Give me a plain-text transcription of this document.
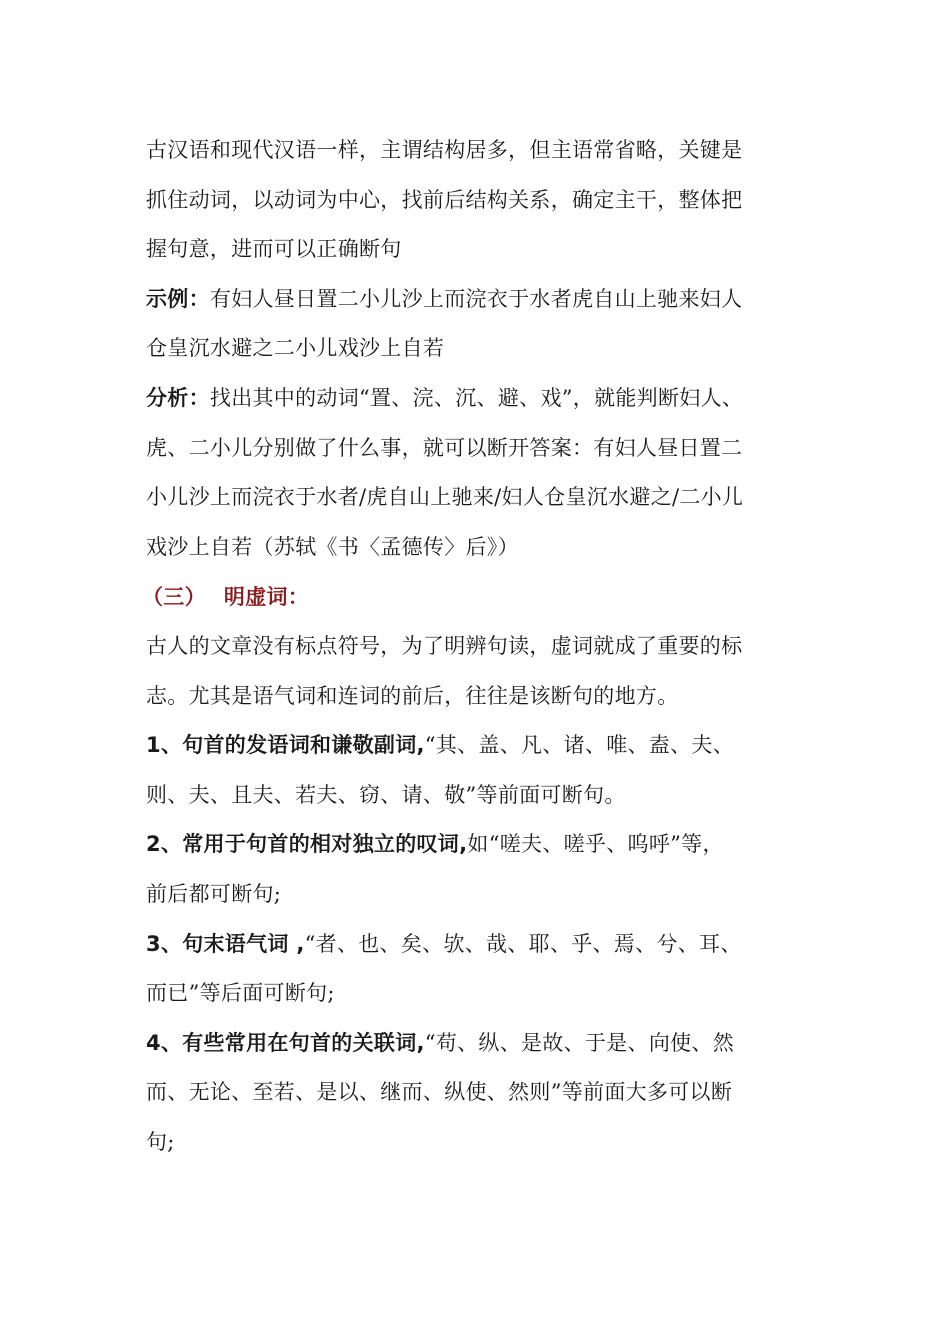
古汉语和现代汉语一样，主谓结构居多，但主语常省略，关键是
抓住动词，以动词为中心，找前后结构关系，确定主干，整体把
握句意，进而可以正确断句
示例：有妇人昼日置二小儿沙上而浣衣于水者虎自山上驰来妇人
仓皇沉水避之二小儿戏沙上自若
分析：找出其中的动词“置、浣、沉、避、戏”，就能判断妇人、
虎、二小儿分别做了什么事，就可以断开答案：有妇人昼日置二
小儿沙上而浣衣于水者/虎自山上驰来/妇人仓皇沉水避之/二小儿
戏沙上自若（苏轼《书〈孟德传〉后》）
（三） 明虚词：
古人的文章没有标点符号，为了明辨句读，虚词就成了重要的标
志。尤其是语气词和连词的前后，往往是该断句的地方。
1、句首的发语词和谦敬副词,“其、盖、凡、诸、唯、盍、夫、
则、夫、且夫、若夫、窃、请、敬”等前面可断句。
2、常用于句首的相对独立的叹词,如“嗟夫、嗟乎、呜呼”等，
前后都可断句;
3、句末语气词 ,“者、也、矣、欤、哉、耶、乎、焉、兮、耳、
而已”等后面可断句;
4、有些常用在句首的关联词,“苟、纵、是故、于是、向使、然
而、无论、至若、是以、继而、纵使、然则”等前面大多可以断
句;
